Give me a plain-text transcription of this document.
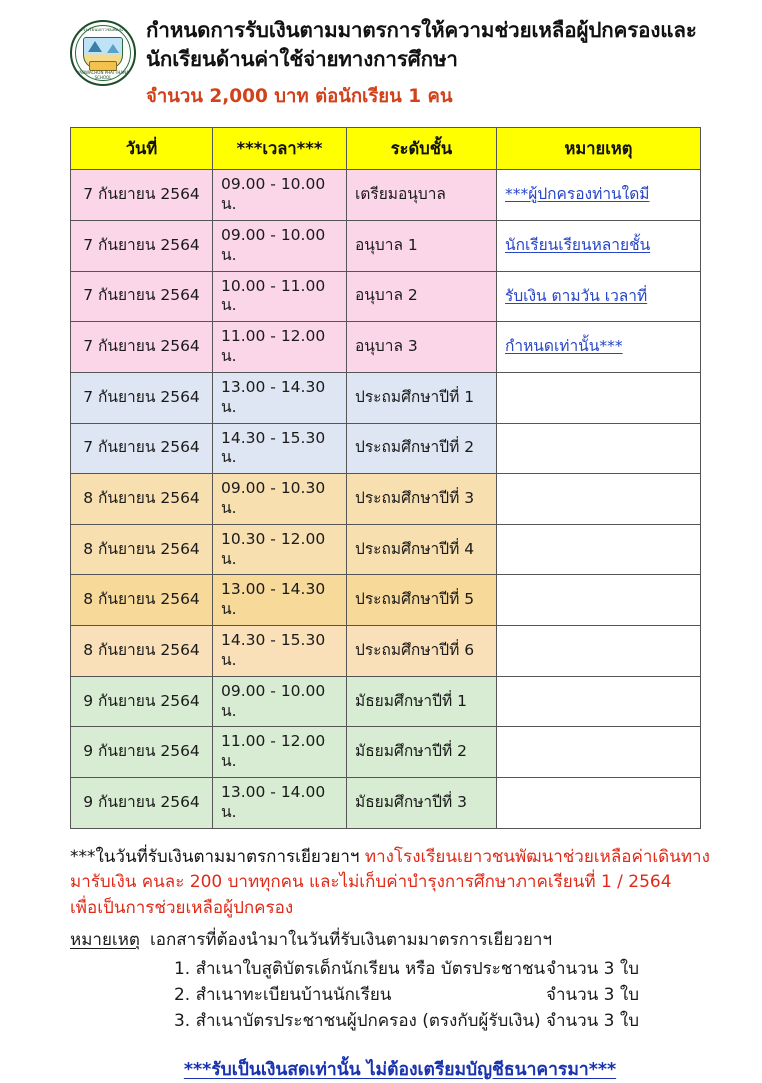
โรงเรียนเยาวชนพัฒนา
YAOWACHON PHATTHANA SCHOOL
กำหนดการรับเงินตามมาตรการให้ความช่วยเหลือผู้ปกครองและ
นักเรียนด้านค่าใช้จ่ายทางการศึกษา
จำนวน 2,000 บาท ต่อนักเรียน 1 คน
วันที่	***เวลา***	ระดับชั้น	หมายเหตุ
7 กันยายน 2564	09.00 - 10.00 น.	เตรียมอนุบาล	***ผู้ปกครองท่านใดมี

7 กันยายน 2564	09.00 - 10.00 น.	อนุบาล 1	นักเรียนเรียนหลายชั้น

7 กันยายน 2564	10.00 - 11.00 น.	อนุบาล 2	รับเงิน ตามวัน เวลาที่

7 กันยายน 2564	11.00 - 12.00 น.	อนุบาล 3	กำหนดเท่านั้น***

7 กันยายน 2564	13.00 - 14.30 น.	ประถมศึกษาปีที่ 1	
7 กันยายน 2564	14.30 - 15.30 น.	ประถมศึกษาปีที่ 2	
8 กันยายน 2564	09.00 - 10.30 น.	ประถมศึกษาปีที่ 3	
8 กันยายน 2564	10.30 - 12.00 น.	ประถมศึกษาปีที่ 4	
8 กันยายน 2564	13.00 - 14.30 น.	ประถมศึกษาปีที่ 5	
8 กันยายน 2564	14.30 - 15.30 น.	ประถมศึกษาปีที่ 6	
9 กันยายน 2564	09.00 - 10.00 น.	มัธยมศึกษาปีที่ 1	
9 กันยายน 2564	11.00 - 12.00 น.	มัธยมศึกษาปีที่ 2	
9 กันยายน 2564	13.00 - 14.00 น.	มัธยมศึกษาปีที่ 3	
***ในวันที่รับเงินตามมาตรการเยียวยาฯ ทางโรงเรียนเยาวชนพัฒนาช่วยเหลือค่าเดินทาง
มารับเงิน คนละ 200 บาททุกคน และไม่เก็บค่าบำรุงการศึกษาภาคเรียนที่ 1 / 2564
เพื่อเป็นการช่วยเหลือผู้ปกครอง
หมายเหตุ เอกสารที่ต้องนำมาในวันที่รับเงินตามมาตรการเยียวยาฯ
1. สำเนาใบสูติบัตรเด็กนักเรียน หรือ บัตรประชาชน จำนวน 3 ใบ
2. สำเนาทะเบียนบ้านนักเรียน	จำนวน 3 ใบ
3. สำเนาบัตรประชาชนผู้ปกครอง (ตรงกับผู้รับเงิน) จำนวน 3 ใบ
***รับเป็นเงินสดเท่านั้น ไม่ต้องเตรียมบัญชีธนาคารมา***
